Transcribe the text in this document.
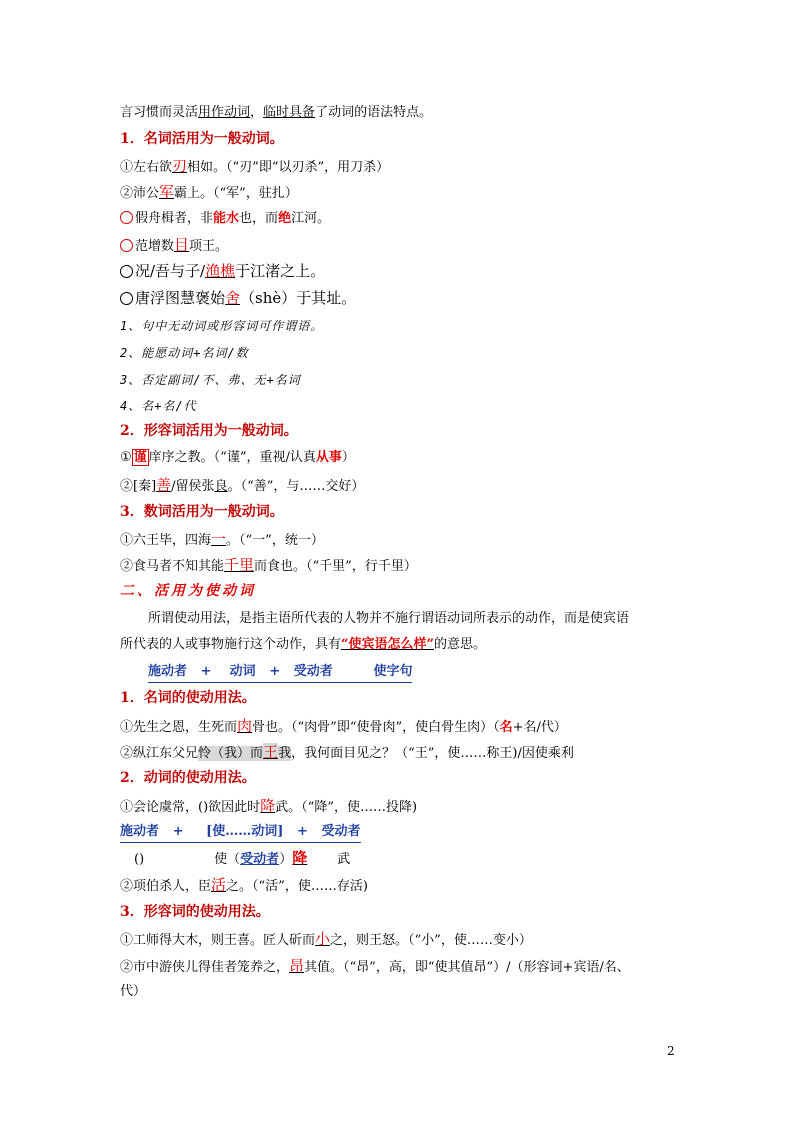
言习惯而灵活用作动词，临时具备了动词的语法特点。
1．名词活用为一般动词。
①左右欲刃相如。（“刃”即“以刃杀”，用刀杀）
②沛公军霸上。（“军”，驻扎）
假舟楫者，非能水也，而绝江河。
范增数目项王。
况/吾与子/渔樵于江渚之上。
唐浮图慧褒始舍（shè）于其址。
1、句中无动词或形容词可作谓语。
2、能愿动词+名词/数
3、否定副词/不、弗、无+名词
4、名+名/代
2．形容词活用为一般动词。
① 谨 庠序之教。（“谨”，重视/认真从事）
②[秦]善/留侯张良。（“善”，与……交好）
3．数词活用为一般动词。
①六王毕，四海一。（“一”，统一）
②食马者不知其能千里而食也。（“千里”，行千里）
二、活用为使动词
所谓使动用法，是指主语所代表的人物并不施行谓语动词所表示的动作，而是使宾语
所代表的人或事物施行这个动作，具有“使宾语怎么样”的意思。
施动者 + 动词 + 受动者	使字句
1．名词的使动用法。
①先生之恩，生死而肉骨也。（“肉骨”即“使骨肉”，使白骨生肉）（名+名/代）
②纵江东父兄怜（我）而王我，我何面目见之？（“王”，使……称王)/因使乘利
2．动词的使动用法。
①会论虞常，()欲因此时降武。（“降”，使……投降)
施动者 + [使……动词] + 受动者
()	使（受动者）降 武
②项伯杀人，臣活之。（“活”，使……存活)
3．形容词的使动用法。
①工师得大木，则王喜。匠人斫而小之，则王怒。（“小”，使……变小）
②市中游侠儿得佳者笼养之，昂其值。（“昂”，高，即“使其值昂”）/（形容词+宾语/名、
代）
2
